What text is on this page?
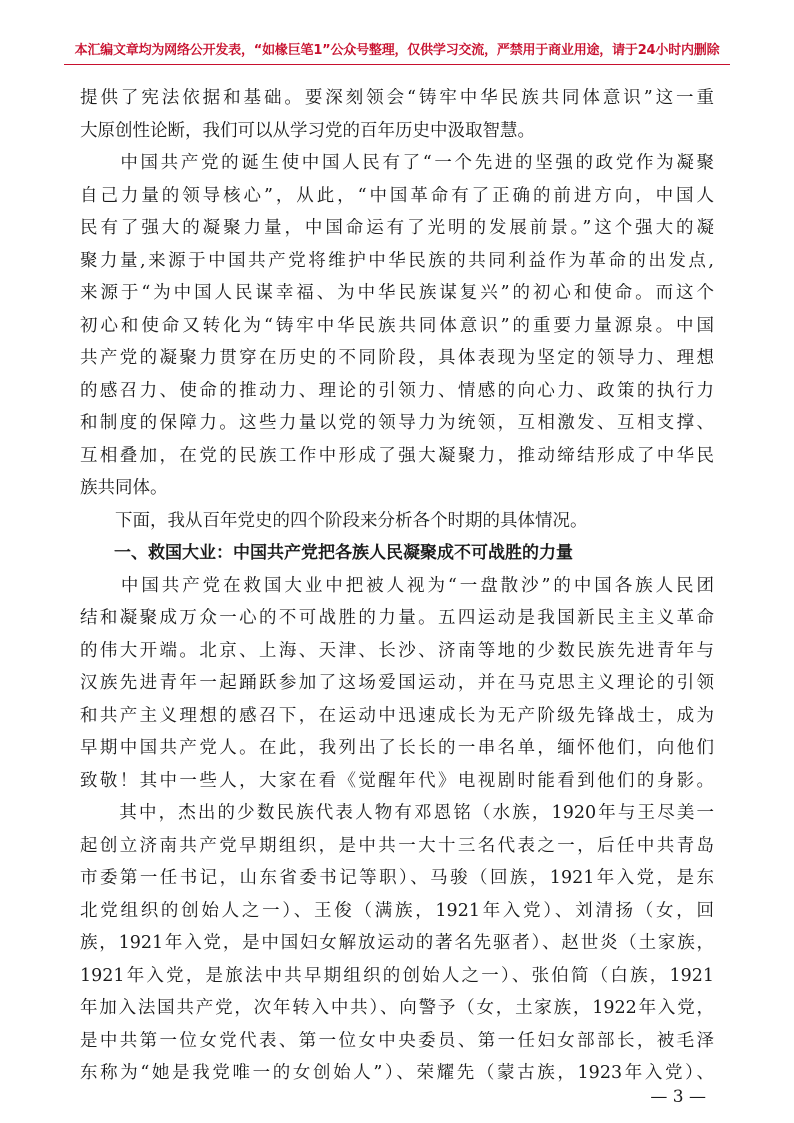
本汇编文章均为网络公开发表，“如椽巨笔1”公众号整理，仅供学习交流，严禁用于商业用途，请于24小时内删除
提供了宪法依据和基础。要深刻领会“铸牢中华民族共同体意识”这一重
大原创性论断，我们可以从学习党的百年历史中汲取智慧。
　　中国共产党的诞生使中国人民有了“一个先进的坚强的政党作为凝聚
自己力量的领导核心”，从此，“中国革命有了正确的前进方向，中国人
民有了强大的凝聚力量，中国命运有了光明的发展前景。”这个强大的凝
聚力量,来源于中国共产党将维护中华民族的共同利益作为革命的出发点,
来源于“为中国人民谋幸福、为中华民族谋复兴”的初心和使命。而这个
初心和使命又转化为“铸牢中华民族共同体意识”的重要力量源泉。中国
共产党的凝聚力贯穿在历史的不同阶段，具体表现为坚定的领导力、理想
的感召力、使命的推动力、理论的引领力、情感的向心力、政策的执行力
和制度的保障力。这些力量以党的领导力为统领，互相激发、互相支撑、
互相叠加，在党的民族工作中形成了强大凝聚力，推动缔结形成了中华民
族共同体。
　　下面，我从百年党史的四个阶段来分析各个时期的具体情况。
　　一、救国大业：中国共产党把各族人民凝聚成不可战胜的力量
　　中国共产党在救国大业中把被人视为“一盘散沙”的中国各族人民团
结和凝聚成万众一心的不可战胜的力量。五四运动是我国新民主主义革命
的伟大开端。北京、上海、天津、长沙、济南等地的少数民族先进青年与
汉族先进青年一起踊跃参加了这场爱国运动，并在马克思主义理论的引领
和共产主义理想的感召下，在运动中迅速成长为无产阶级先锋战士，成为
早期中国共产党人。在此，我列出了长长的一串名单，缅怀他们，向他们
致敬！其中一些人，大家在看《觉醒年代》电视剧时能看到他们的身影。
　　其中，杰出的少数民族代表人物有邓恩铭（水族，1920年与王尽美一
起创立济南共产党早期组织，是中共一大十三名代表之一，后任中共青岛
市委第一任书记，山东省委书记等职）、马骏（回族，1921年入党，是东
北党组织的创始人之一）、王俊（满族，1921年入党）、刘清扬（女，回
族，1921年入党，是中国妇女解放运动的著名先驱者）、赵世炎（土家族，
1921年入党，是旅法中共早期组织的创始人之一）、张伯简（白族，1921
年加入法国共产党，次年转入中共）、向警予（女，土家族，1922年入党，
是中共第一位女党代表、第一位女中央委员、第一任妇女部部长，被毛泽
东称为“她是我党唯一的女创始人”）、荣耀先（蒙古族，1923年入党）、
— 3 —
